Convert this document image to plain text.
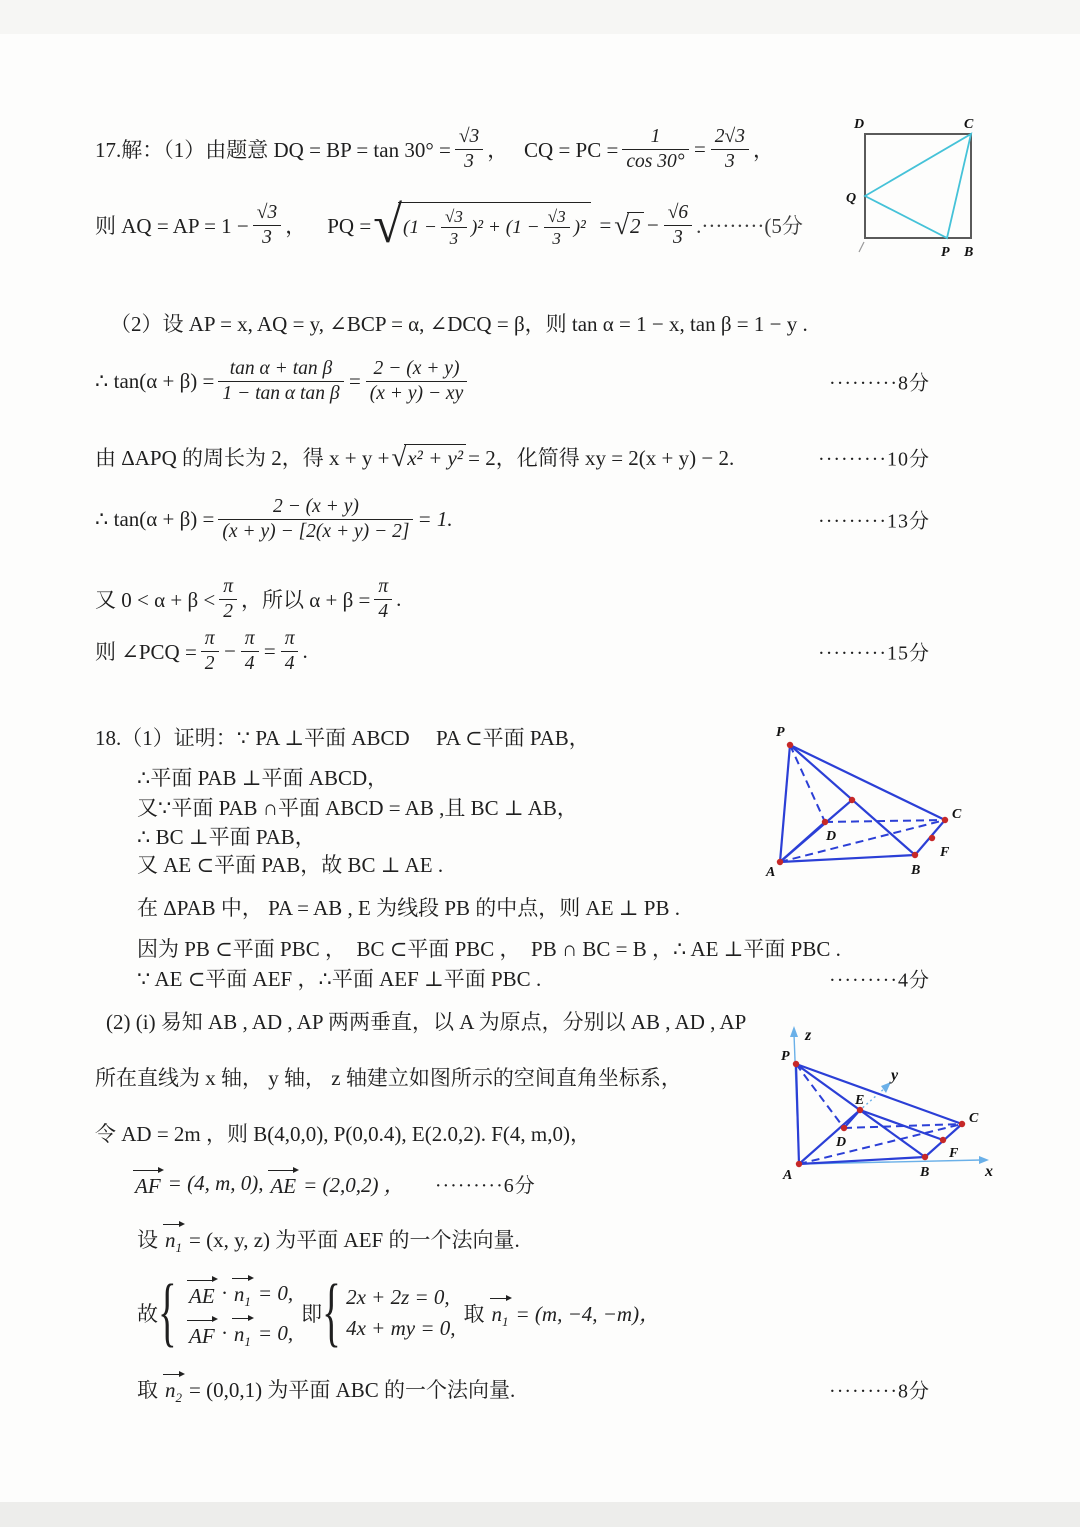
17.解：（1）由题意 DQ = BP = $\tan 30^\circ = \frac{√3}{3}$ ，   CQ = PC = $\frac{1}{\cos 30^\circ} = \frac{2√3}{3}$ ，
则 AQ = AP = $1 - \frac{√3}{3}$ ，    PQ = √ $(1 - \frac{√3}{3} )^2 + (1 - \frac{√3}{3} )^2$ = √ $2 - \frac{√6}{3} .\cdot\cdot\cdot\cdot\cdot\cdot\cdot\cdot\cdot(5$分
（2）设 AP = x, AQ = y, ∠BCP = α, ∠DCQ = β，则 tan α = 1 − x, tan β = 1 − y .
∴ $\tan(\alpha + \beta) = \frac{\text{tan α + tan β}}{\text{1 − tan α tan β}} = \frac{2 - (x + y)}{(x + y) - xy}$	·········8分
由 ΔAPQ 的周长为 2，得 x + y + √ x² + y² = 2，化简得 xy = 2(x + y) − 2.	·········10分
∴ $\tan(\alpha + \beta) = \frac{2 - (x + y)}{(x + y) - [2(x + y) - 2]} = 1$.	·········13分
又 $0 < \alpha + \beta < \frac{\pi}{2}$ ，所以 $\alpha + \beta = \frac{\pi}{4}$ .
则 ∠PCQ = $\frac{\pi}{2} - \frac{\pi}{4} = \frac{\pi}{4}$ .	·········15分
18.（1）证明：∵ PA ⊥平面 ABCD　 PA ⊂平面 PAB，
∴平面 PAB ⊥平面 ABCD，
又∵平面 PAB ∩平面 ABCD = AB ,且 BC ⊥ AB，
∴ BC ⊥平面 PAB，
又 AE ⊂平面 PAB，故 BC ⊥ AE .
在 ΔPAB 中， PA = AB , E 为线段 PB 的中点，则 AE ⊥ PB .
因为 PB ⊂平面 PBC ，  BC ⊂平面 PBC ，  PB ∩ BC = B ，∴ AE ⊥平面 PBC .
∵ AE ⊂平面 AEF ，∴平面 AEF ⊥平面 PBC .	·········4分
(2) (i) 易知 AB , AD , AP 两两垂直，以 A 为原点，分别以 AB , AD , AP
所在直线为 x 轴， y 轴， z 轴建立如图所示的空间直角坐标系，
令 AD = 2m ，则 B(4,0,0), P(0,0.4), E(2.0,2). F(4, m,0)，
AF = (4, m, 0), AE = (2,0,2) ， ·········6分
设 $n_1 = (x$, y, z) 为平面 AEF 的一个法向量.
故
{ AE · $n_1 = 0$,
AF · $n_1 = 0$,
即
{ 2x + 2z = 0,
4x + my = 0,
取 $n_1 = (m$, −4, −m)，
取 $n_2 = (0,0,1)$ 为平面 ABC 的一个法向量.	·········8分
D	C
Q
P B
P
A	B
C
D
F
P
A	B
C
D
E
F
z
x
y
